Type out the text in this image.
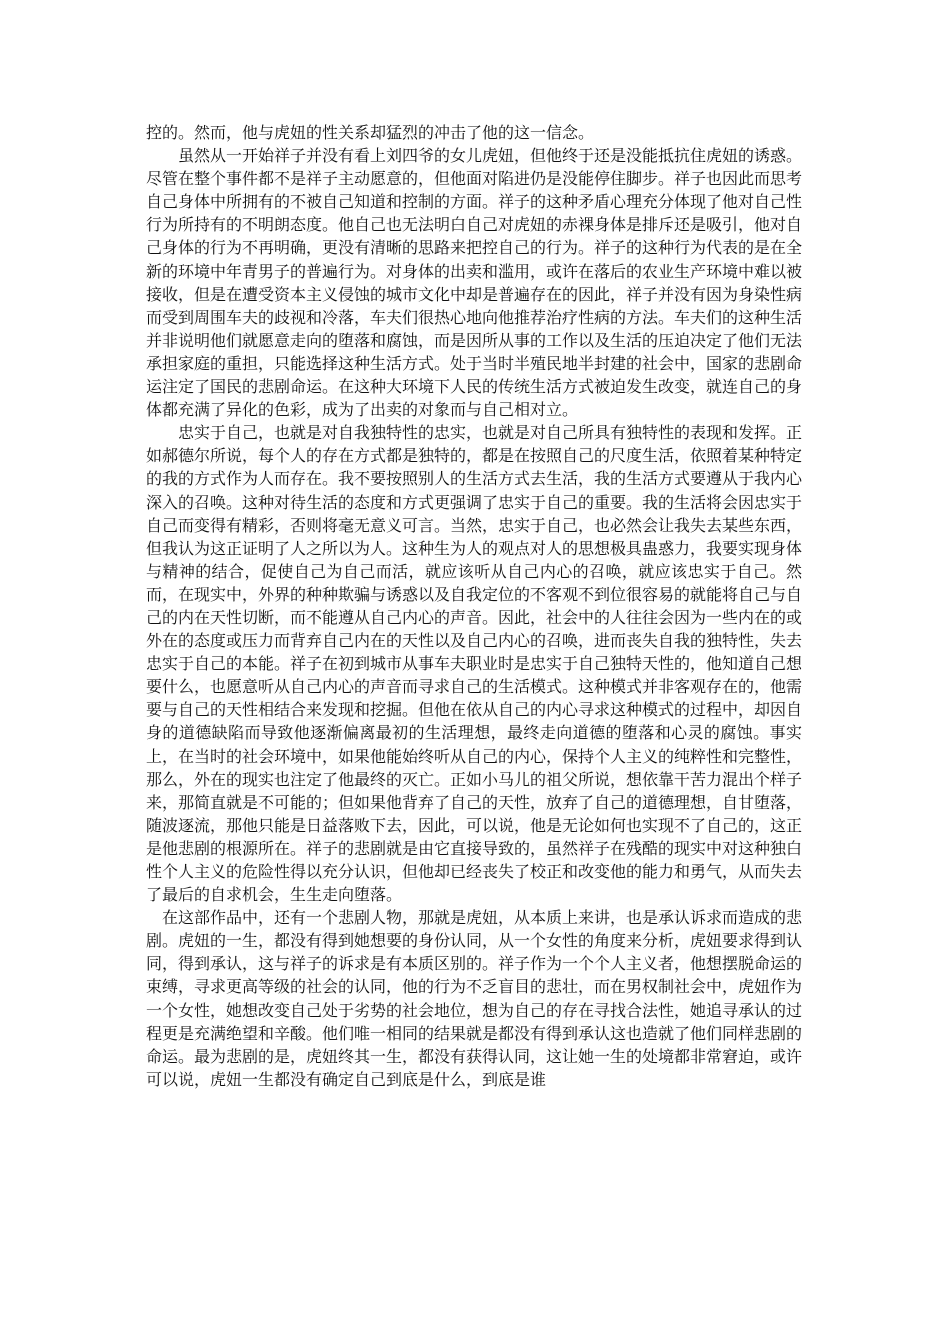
控的。然而，他与虎妞的性关系却猛烈的冲击了他的这一信念。

虽然从一开始祥子并没有看上刘四爷的女儿虎妞，但他终于还是没能抵抗住虎妞的诱惑。尽管在整个事件都不是祥子主动愿意的，但他面对陷进仍是没能停住脚步。祥子也因此而思考自己身体中所拥有的不被自己知道和控制的方面。祥子的这种矛盾心理充分体现了他对自己性行为所持有的不明朗态度。他自己也无法明白自己对虎妞的赤裸身体是排斥还是吸引，他对自己身体的行为不再明确，更没有清晰的思路来把控自己的行为。祥子的这种行为代表的是在全新的环境中年青男子的普遍行为。对身体的出卖和滥用，或许在落后的农业生产环境中难以被接收，但是在遭受资本主义侵蚀的城市文化中却是普遍存在的因此，祥子并没有因为身染性病而受到周围车夫的歧视和冷落，车夫们很热心地向他推荐治疗性病的方法。车夫们的这种生活并非说明他们就愿意走向的堕落和腐蚀，而是因所从事的工作以及生活的压迫决定了他们无法承担家庭的重担，只能选择这种生活方式。处于当时半殖民地半封建的社会中，国家的悲剧命运注定了国民的悲剧命运。在这种大环境下人民的传统生活方式被迫发生改变，就连自己的身体都充满了异化的色彩，成为了出卖的对象而与自己相对立。

忠实于自己，也就是对自我独特性的忠实，也就是对自己所具有独特性的表现和发挥。正如郝德尔所说，每个人的存在方式都是独特的，都是在按照自己的尺度生活，依照着某种特定的我的方式作为人而存在。我不要按照别人的生活方式去生活，我的生活方式要遵从于我内心深入的召唤。这种对待生活的态度和方式更强调了忠实于自己的重要。我的生活将会因忠实于自己而变得有精彩，否则将毫无意义可言。当然，忠实于自己，也必然会让我失去某些东西，但我认为这正证明了人之所以为人。这种生为人的观点对人的思想极具蛊惑力，我要实现身体与精神的结合，促使自己为自己而活，就应该听从自己内心的召唤，就应该忠实于自己。然而，在现实中，外界的种种欺骗与诱惑以及自我定位的不客观不到位很容易的就能将自己与自己的内在天性切断，而不能遵从自己内心的声音。因此，社会中的人往往会因为一些内在的或外在的态度或压力而背弃自己内在的天性以及自己内心的召唤，进而丧失自我的独特性，失去忠实于自己的本能。祥子在初到城市从事车夫职业时是忠实于自己独特天性的，他知道自己想要什么，也愿意听从自己内心的声音而寻求自己的生活模式。这种模式并非客观存在的，他需要与自己的天性相结合来发现和挖掘。但他在依从自己的内心寻求这种模式的过程中，却因自身的道德缺陷而导致他逐渐偏离最初的生活理想，最终走向道德的堕落和心灵的腐蚀。事实上，在当时的社会环境中，如果他能始终听从自己的内心，保持个人主义的纯粹性和完整性，那么，外在的现实也注定了他最终的灭亡。正如小马儿的祖父所说，想依靠干苦力混出个样子来，那简直就是不可能的；但如果他背弃了自己的天性，放弃了自己的道德理想，自甘堕落，随波逐流，那他只能是日益落败下去，因此，可以说，他是无论如何也实现不了自己的，这正是他悲剧的根源所在。祥子的悲剧就是由它直接导致的，虽然祥子在残酷的现实中对这种独白性个人主义的危险性得以充分认识，但他却已经丧失了校正和改变他的能力和勇气，从而失去了最后的自求机会，生生走向堕落。

在这部作品中，还有一个悲剧人物，那就是虎妞，从本质上来讲，也是承认诉求而造成的悲剧。虎妞的一生，都没有得到她想要的身份认同，从一个女性的角度来分析，虎妞要求得到认同，得到承认，这与祥子的诉求是有本质区别的。祥子作为一个个人主义者，他想摆脱命运的束缚，寻求更高等级的社会的认同，他的行为不乏盲目的悲壮，而在男权制社会中，虎妞作为一个女性，她想改变自己处于劣势的社会地位，想为自己的存在寻找合法性，她追寻承认的过程更是充满绝望和辛酸。他们唯一相同的结果就是都没有得到承认这也造就了他们同样悲剧的命运。最为悲剧的是，虎妞终其一生，都没有获得认同，这让她一生的处境都非常窘迫，或许可以说，虎妞一生都没有确定自己到底是什么，到底是谁
